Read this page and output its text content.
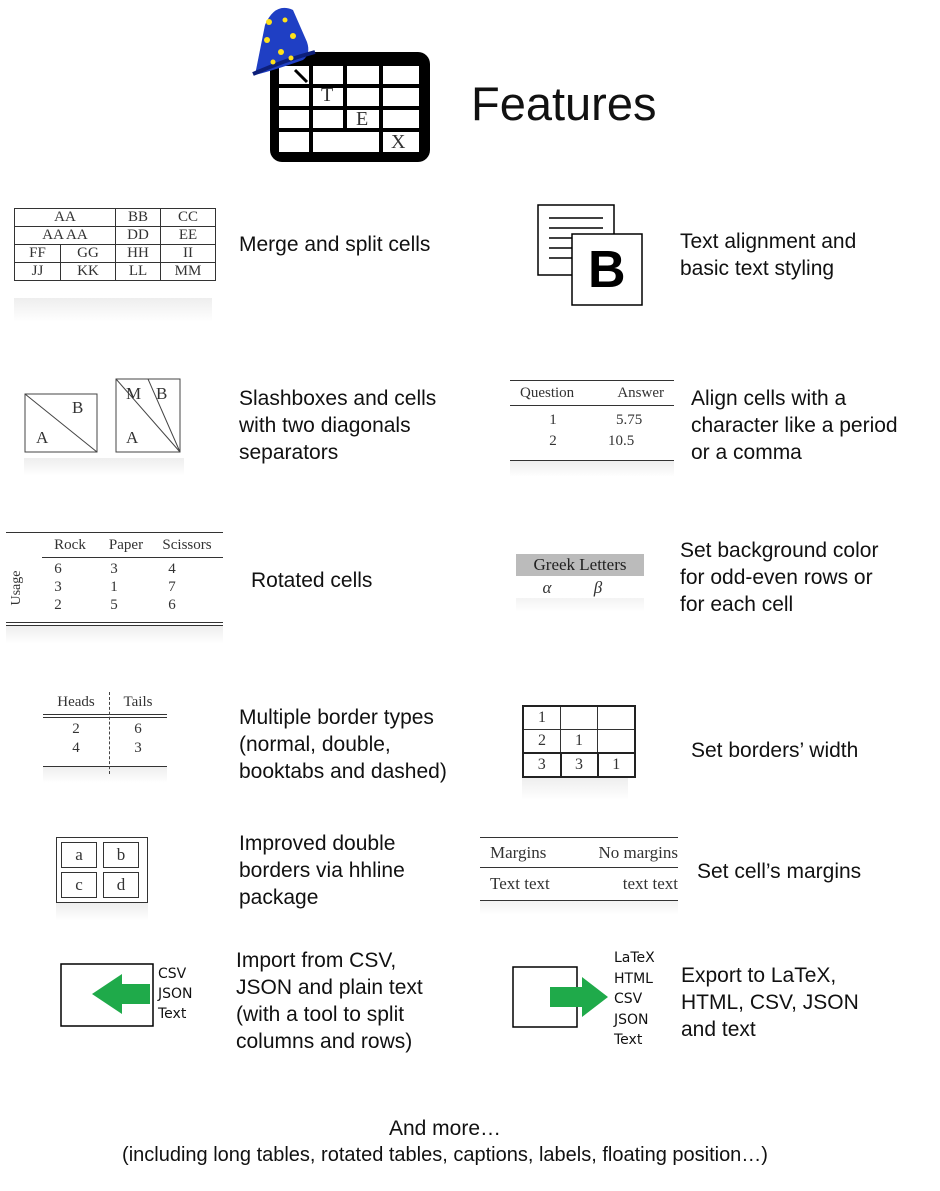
T
E
X
Features
AA		BB	CC
AA AA		DD	EE
FF	GG	HH	II
JJ	KK	LL	MM
Merge and split cells	B	Text alignment and
basic text styling
B
A
M B
A
Slashboxes and cells
with two diagonals
separators
Question	Answer
1	5.75
2	10.5
Align cells with a
character like a period
or a comma
Rock	Paper	Scissors
Usage
6	3	4
3	1	7
2	5	6
Rotated cells
Greek Letters
α	β
Set background color
for odd-even rows or
for each cell
Heads	Tails
2	6
4	3
Multiple border types
(normal, double,
booktabs and dashed)
1		
2	1	
3	3	1
Set borders’ width
a	b
c	d
Improved double
borders via hhline
package
Margins	No margins
Text text	text text
Set cell’s margins
CSV
JSON
Text
Import from CSV,
JSON and plain text
(with a tool to split
columns and rows)
LaTeX
HTML
CSV
JSON
Text
Export to LaTeX,
HTML, CSV, JSON
and text
And more…
(including long tables, rotated tables, captions, labels, floating position…)
